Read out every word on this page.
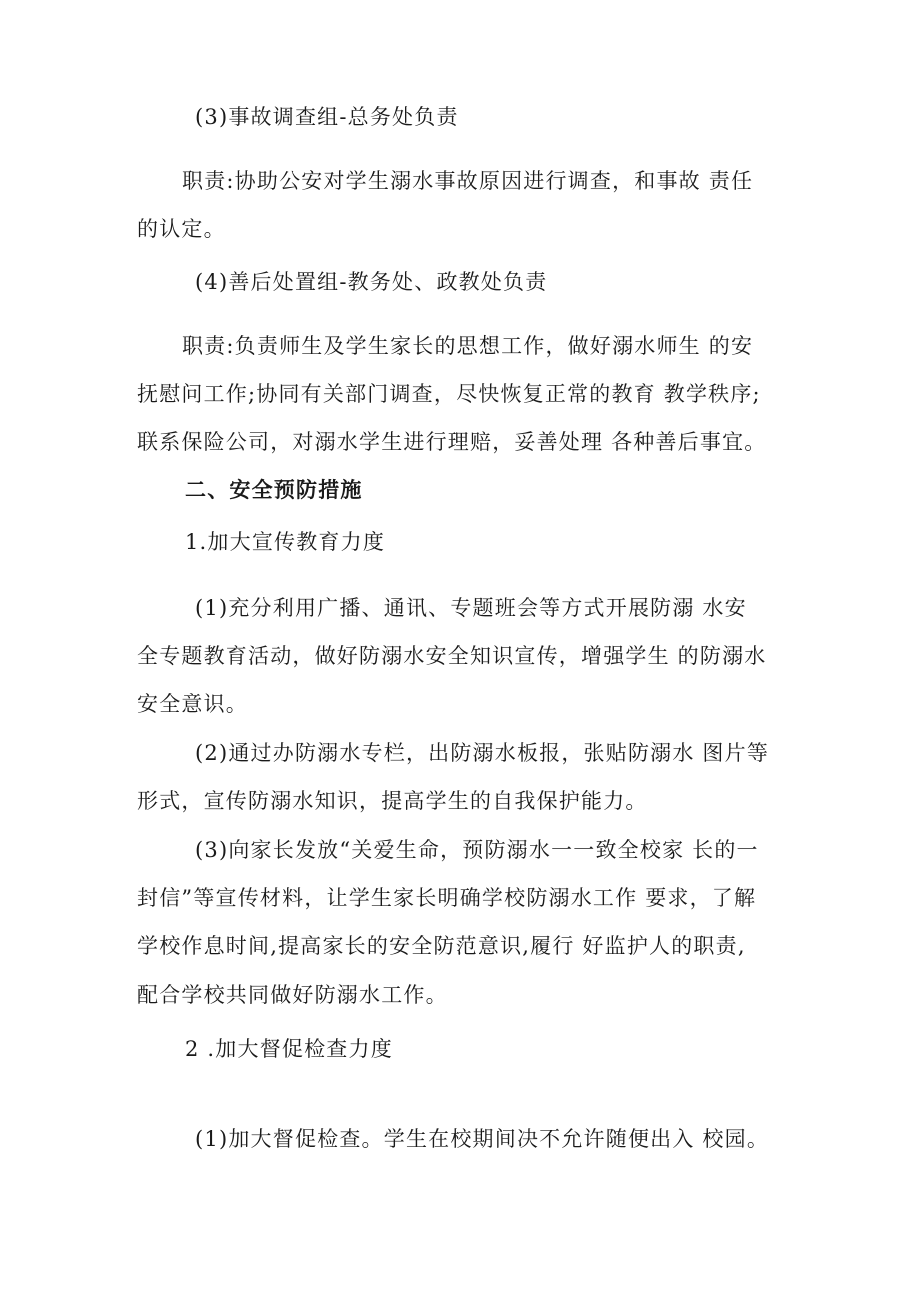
(3)事故调查组-总务处负责
职责:协助公安对学生溺水事故原因进行调查，和事故 责任
的认定。
(4)善后处置组-教务处、政教处负责
职责:负责师生及学生家长的思想工作，做好溺水师生 的安
抚慰问工作;协同有关部门调查，尽快恢复正常的教育 教学秩序;
联系保险公司，对溺水学生进行理赔，妥善处理 各种善后事宜。
二、安全预防措施
1.加大宣传教育力度
(1)充分利用广播、通讯、专题班会等方式开展防溺 水安
全专题教育活动，做好防溺水安全知识宣传，增强学生 的防溺水
安全意识。
(2)通过办防溺水专栏，出防溺水板报，张贴防溺水 图片等
形式，宣传防溺水知识，提高学生的自我保护能力。
(3)向家长发放“关爱生命，预防溺水一一致全校家 长的一
封信”等宣传材料，让学生家长明确学校防溺水工作 要求，了解
学校作息时间,提高家长的安全防范意识,履行 好监护人的职责,
配合学校共同做好防溺水工作。
2 .加大督促检查力度
(1)加大督促检查。学生在校期间决不允许随便出入 校园。
